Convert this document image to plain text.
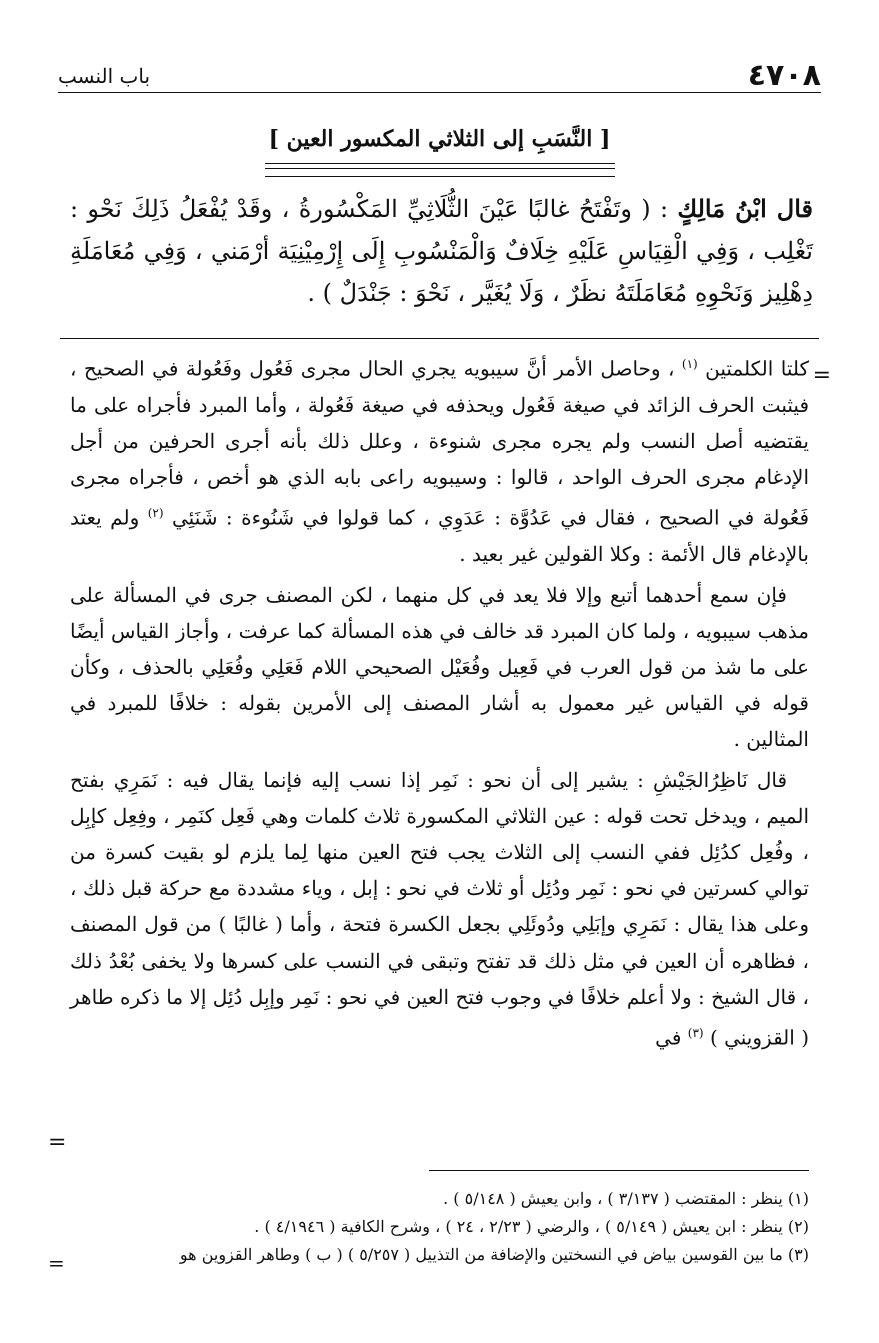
٤٧٠٨
باب النسب
[ النَّسَبِ إلى الثلاثي المكسور العين ]
قال ابْنُ مَالِكٍ : ( وتَفْتَحُ غالبًا عَيْنَ الثُّلَاثِيِّ المَكْسُورةُ ، وقَدْ يُفْعَلُ ذَلِكَ نَحْو : تَغْلِب ، وَفِي الْقِيَاسِ عَلَيْهِ خِلَافٌ وَالْمَنْسُوبِ إِلَى إِرْمِيْنِيَة أرْمَني ، وَفِي مُعَامَلَةِ دِهْلِيز وَنَحْوِهِ مُعَامَلَتَهُ نظَرٌ ، وَلَا يُغَيَّر ، نَحْوَ : جَنْدَلٌ ) .
=

كلتا الكلمتين $^{(١)}$ ، وحاصل الأمر أنَّ سيبويه يجري الحال مجرى فَعُول وفَعُولة في الصحيح ، فيثبت الحرف الزائد في صيغة فَعُول ويحذفه في صيغة فَعُولة ، وأما المبرد فأجراه على ما يقتضيه أصل النسب ولم يجره مجرى شنوءة ، وعلل ذلك بأنه أجرى الحرفين من أجل الإدغام مجرى الحرف الواحد ، قالوا : وسيبويه راعى بابه الذي هو أخص ، فأجراه مجرى فَعُولة في الصحيح ، فقال في عَدُوَّة : عَدَوِي ، كما قولوا في شَنُوءة : شَنَئِي $^{(٢)}$ ولم يعتد بالإدغام قال الأئمة : وكلا القولين غير بعيد .

فإن سمع أحدهما أتبع وإلا فلا يعد في كل منهما ، لكن المصنف جرى في المسألة على مذهب سيبويه ، ولما كان المبرد قد خالف في هذه المسألة كما عرفت ، وأجاز القياس أيضًا على ما شذ من قول العرب في فَعِيل وفُعَيْل الصحيحي اللام فَعَلِي وفُعَلِي بالحذف ، وكأن قوله في القياس غير معمول به أشار المصنف إلى الأمرين بقوله : خلافًا للمبرد في المثالين .

قال نَاظِرُالجَيْشِ : يشير إلى أن نحو : نَمِر إذا نسب إليه فإنما يقال فيه : نَمَرِي بفتح الميم ، ويدخل تحت قوله : عين الثلاثي المكسورة ثلاث كلمات وهي فَعِل كنَمِر ، وفِعِل كإبِل ، وفُعِل كدُئِل ففي النسب إلى الثلاث يجب فتح العين منها لِما يلزم لو بقيت كسرة من توالي كسرتين في نحو : نَمِر ودُئِل أو ثلاث في نحو : إبل ، وياء مشددة مع حركة قبل ذلك ، وعلى هذا يقال : نَمَرِي وإبَلِي ودُوئَلِي بجعل الكسرة فتحة ، وأما ( غالبًا ) من قول المصنف ، فظاهره أن العين في مثل ذلك قد تفتح وتبقى في النسب على كسرها ولا يخفى بُعْدُ ذلك ، قال الشيخ : ولا أعلم خلافًا في وجوب فتح العين في نحو : نَمِر وإبِل دُئِل إلا ما ذكره طاهر ( القزويني ) $^{(٣)}$ في

=
(١) ينظر : المقتضب ( ٣/١٣٧ ) ، وابن يعيش ( ٥/١٤٨ ) .
(٢) ينظر : ابن يعيش ( ٥/١٤٩ ) ، والرضي ( ٢/٢٣ ، ٢٤ ) ، وشرح الكافية ( ٤/١٩٤٦ ) .
(٣) ما بين القوسين بياض في النسختين والإضافة من التذييل ( ٥/٢٥٧ ) ( ب ) وطاهر القزوين هو
=
